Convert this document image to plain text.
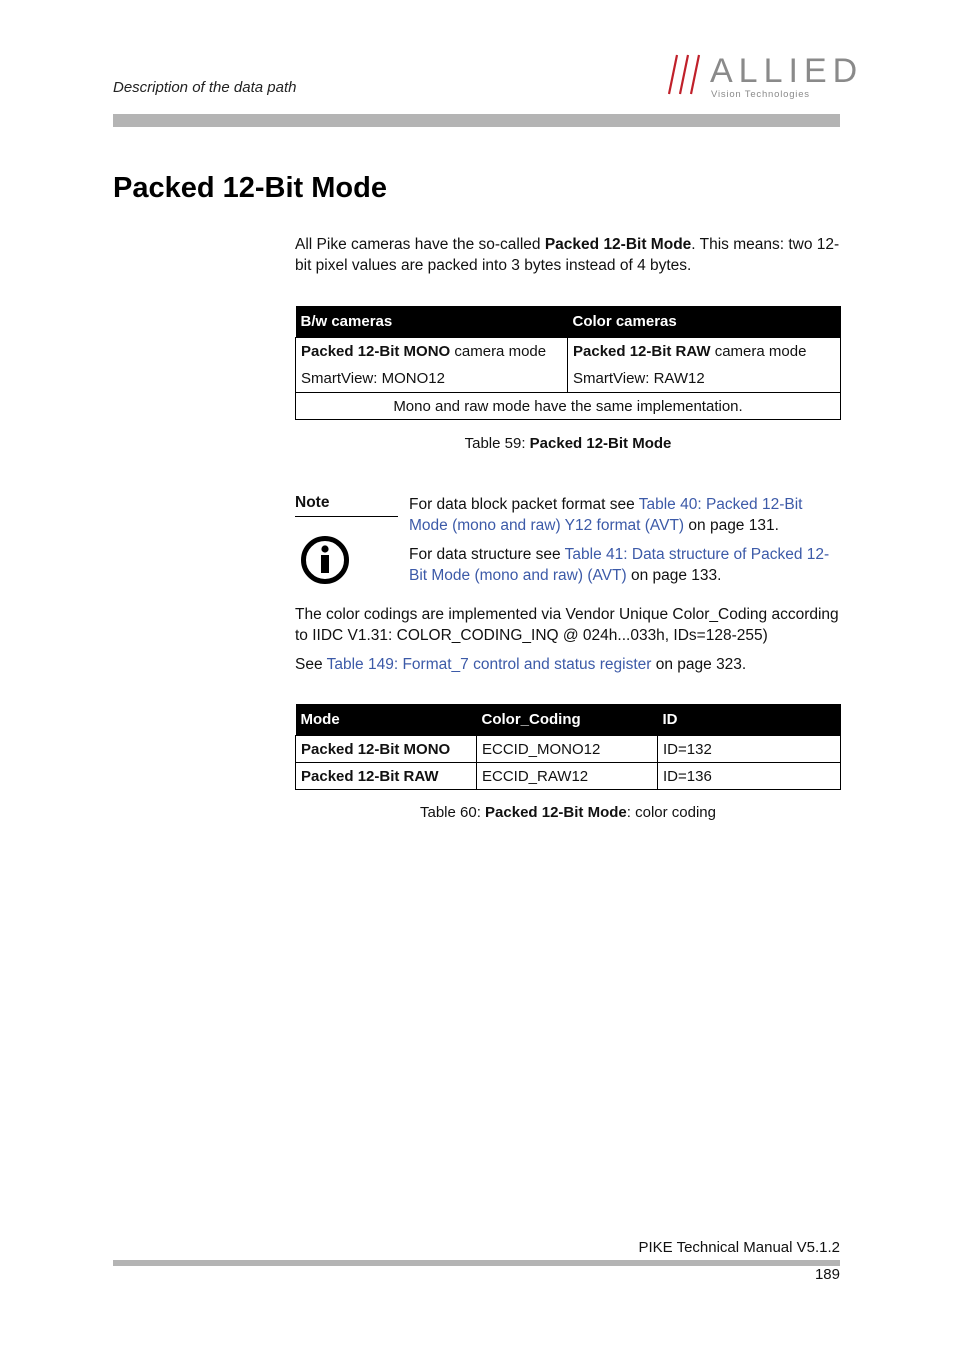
Description of the data path	ALLIED
Vision Technologies
Packed 12-Bit Mode
All Pike cameras have the so-called Packed 12-Bit Mode. This means: two 12-bit pixel values are packed into 3 bytes instead of 4 bytes.
B/w cameras	Color cameras
Packed 12-Bit MONO camera mode	Packed 12-Bit RAW camera mode
SmartView: MONO12	SmartView: RAW12
Mono and raw mode have the same implementation.	
Table 59: Packed 12-Bit Mode
Note	For data block packet format see Table 40: Packed 12-Bit Mode (mono and raw) Y12 format (AVT) on page 131.
For data structure see Table 41: Data structure of Packed 12-Bit Mode (mono and raw) (AVT) on page 133.
The color codings are implemented via Vendor Unique Color_Coding according to IIDC V1.31: COLOR_CODING_INQ @ 024h...033h, IDs=128-255)
See Table 149: Format_7 control and status register on page 323.
Mode	Color_Coding	ID
Packed 12-Bit MONO	ECCID_MONO12	ID=132
Packed 12-Bit RAW	ECCID_RAW12	ID=136
Table 60: Packed 12-Bit Mode: color coding
PIKE Technical Manual V5.1.2
189
